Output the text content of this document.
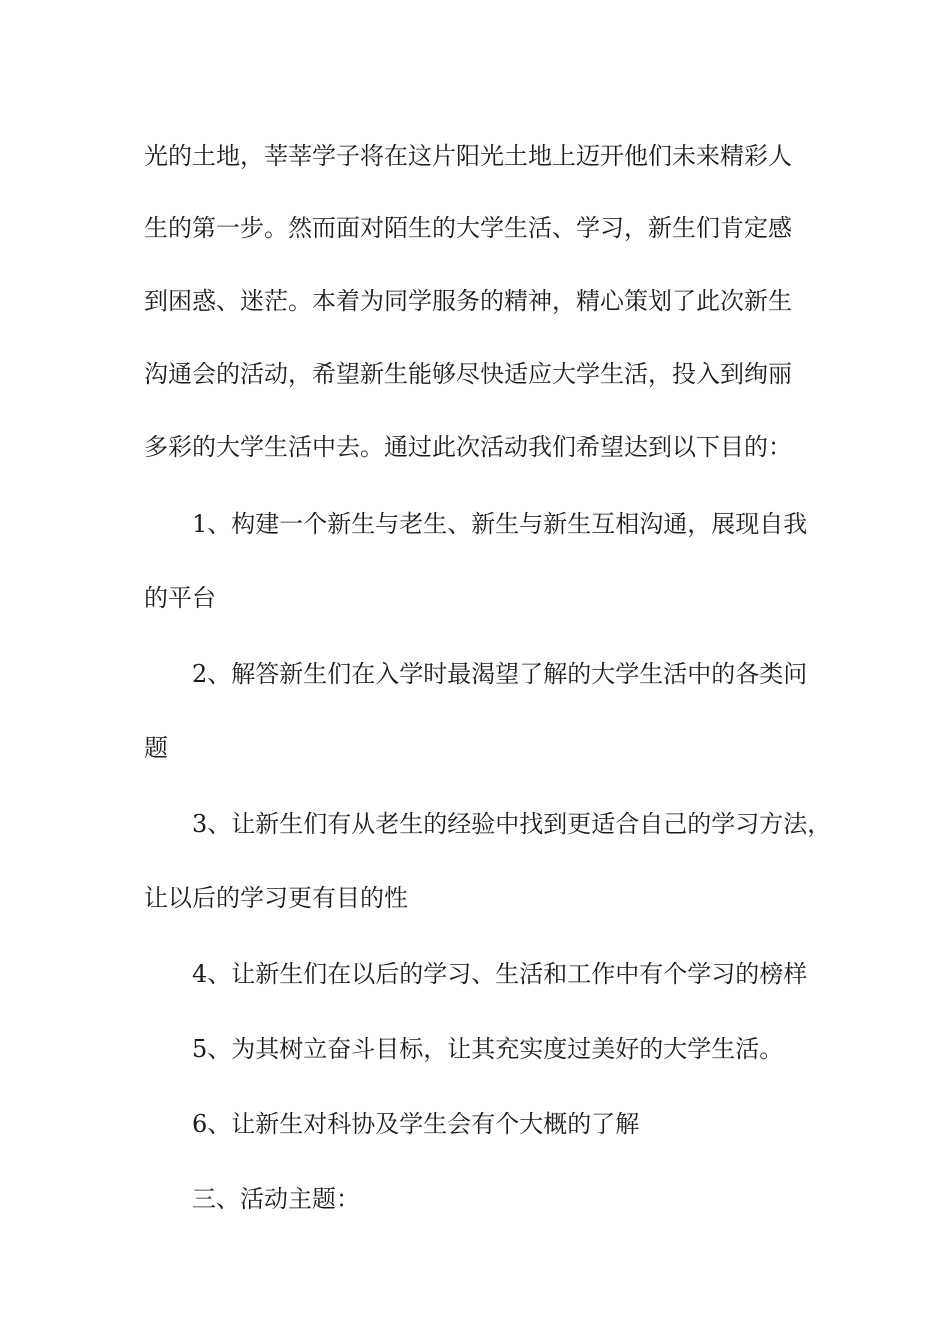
光的土地，莘莘学子将在这片阳光土地上迈开他们未来精彩人
生的第一步。然而面对陌生的大学生活、学习，新生们肯定感
到困惑、迷茫。本着为同学服务的精神，精心策划了此次新生
沟通会的活动，希望新生能够尽快适应大学生活，投入到绚丽
多彩的大学生活中去。通过此次活动我们希望达到以下目的：
1、构建一个新生与老生、新生与新生互相沟通，展现自我
的平台
2、解答新生们在入学时最渴望了解的大学生活中的各类问
题
3、让新生们有从老生的经验中找到更适合自己的学习方法，
让以后的学习更有目的性
4、让新生们在以后的学习、生活和工作中有个学习的榜样
5、为其树立奋斗目标，让其充实度过美好的大学生活。
6、让新生对科协及学生会有个大概的了解
三、活动主题：
